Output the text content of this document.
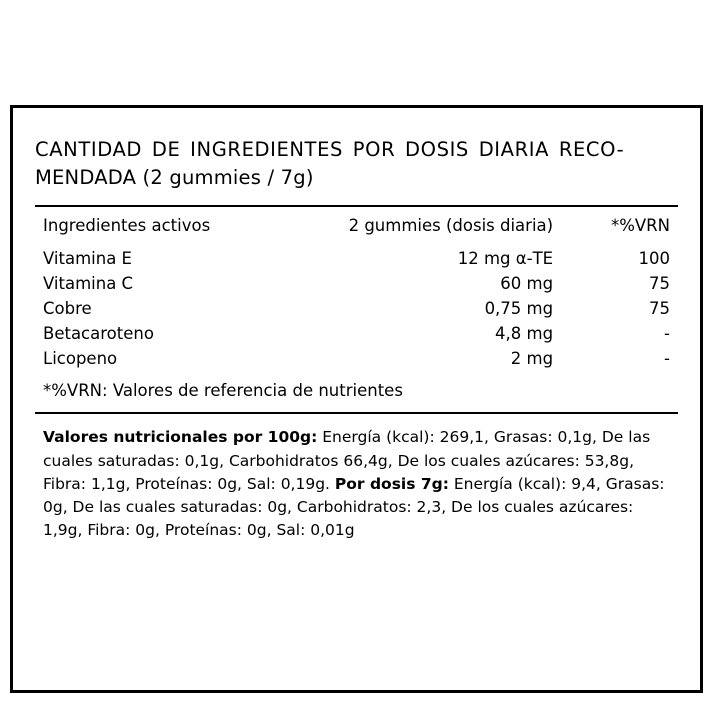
CANTIDAD DE INGREDIENTES POR DOSIS DIARIA RECO-
MENDADA (2 gummies / 7g)
Ingredientes activos	2 gummies (dosis diaria)	*%VRN
Vitamina E	12 mg α-TE	100
Vitamina C	60 mg	75
Cobre	0,75 mg	75
Betacaroteno	4,8 mg	-
Licopeno	2 mg	-
*%VRN: Valores de referencia de nutrientes
Valores nutricionales por 100g: Energía (kcal): 269,1, Grasas: 0,1g, De las cuales saturadas: 0,1g, Carbohidratos 66,4g, De los cuales azúcares: 53,8g, Fibra: 1,1g, Proteínas: 0g, Sal: 0,19g. Por dosis 7g: Energía (kcal): 9,4, Grasas: 0g, De las cuales saturadas: 0g, Carbohidratos: 2,3, De los cuales azúcares: 1,9g, Fibra: 0g, Proteínas: 0g, Sal: 0,01g
